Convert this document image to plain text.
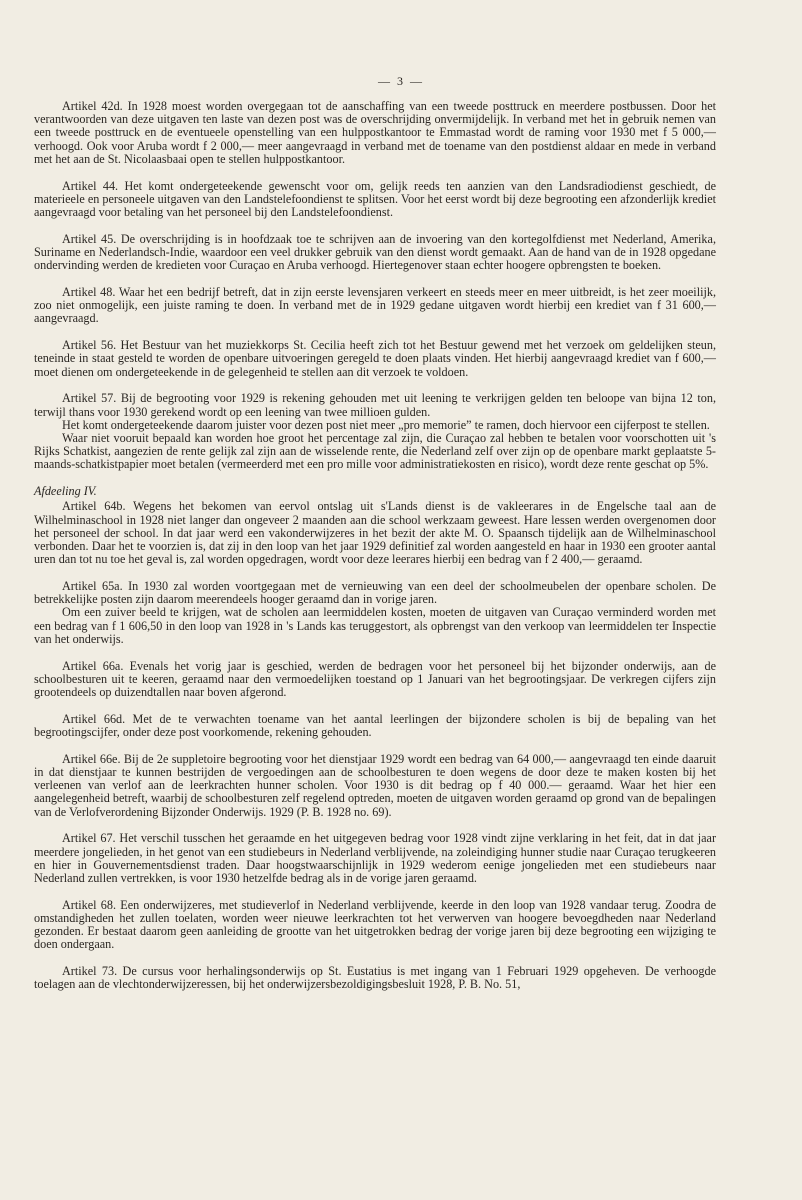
— 3 —

Artikel 42d. In 1928 moest worden overgegaan tot de aanschaffing van een tweede posttruck en meerdere postbussen. Door het verantwoorden van deze uitgaven ten laste van dezen post was de overschrijding onvermijdelijk. In verband met het in gebruik nemen van een tweede posttruck en de eventueele openstelling van een hulppostkantoor te Emmastad wordt de raming voor 1930 met f 5 000,— verhoogd. Ook voor Aruba wordt f 2 000,— meer aangevraagd in verband met de toename van den postdienst aldaar en mede in verband met het aan de St. Nicolaasbaai open te stellen hulppostkantoor.

Artikel 44. Het komt ondergeteekende gewenscht voor om, gelijk reeds ten aanzien van den Landsradiodienst geschiedt, de materieele en personeele uitgaven van den Landstelefoondienst te splitsen. Voor het eerst wordt bij deze begrooting een afzonderlijk krediet aangevraagd voor betaling van het personeel bij den Landstelefoondienst.

Artikel 45. De overschrijding is in hoofdzaak toe te schrijven aan de invoering van den kortegolfdienst met Nederland, Amerika, Suriname en Nederlandsch-Indie, waardoor een veel drukker gebruik van den dienst wordt gemaakt. Aan de hand van de in 1928 opgedane ondervinding werden de kredieten voor Curaçao en Aruba verhoogd. Hiertegenover staan echter hoogere opbrengsten te boeken.

Artikel 48. Waar het een bedrijf betreft, dat in zijn eerste levensjaren verkeert en steeds meer en meer uitbreidt, is het zeer moeilijk, zoo niet onmogelijk, een juiste raming te doen. In verband met de in 1929 gedane uitgaven wordt hierbij een krediet van f 31 600,— aangevraagd.

Artikel 56. Het Bestuur van het muziekkorps St. Cecilia heeft zich tot het Bestuur gewend met het verzoek om geldelijken steun, teneinde in staat gesteld te worden de openbare uitvoeringen geregeld te doen plaats vinden. Het hierbij aangevraagd krediet van f 600,— moet dienen om ondergeteekende in de gelegenheid te stellen aan dit verzoek te voldoen.

Artikel 57. Bij de begrooting voor 1929 is rekening gehouden met uit leening te verkrijgen gelden ten beloope van bijna 12 ton, terwijl thans voor 1930 gerekend wordt op een leening van twee millioen gulden.

Het komt ondergeteekende daarom juister voor dezen post niet meer „pro memorie” te ramen, doch hiervoor een cijferpost te stellen.

Waar niet vooruit bepaald kan worden hoe groot het percentage zal zijn, die Curaçao zal hebben te betalen voor voorschotten uit 's Rijks Schatkist, aangezien de rente gelijk zal zijn aan de wisselende rente, die Nederland zelf over zijn op de openbare markt geplaatste 5-maands-schatkistpapier moet betalen (vermeerderd met een pro mille voor administratiekosten en risico), wordt deze rente geschat op 5%.

Afdeeling IV.

Artikel 64b. Wegens het bekomen van eervol ontslag uit s'Lands dienst is de vakleerares in de Engelsche taal aan de Wilhelminaschool in 1928 niet langer dan ongeveer 2 maanden aan die school werkzaam geweest. Hare lessen werden overgenomen door het personeel der school. In dat jaar werd een vakonderwijzeres in het bezit der akte M. O. Spaansch tijdelijk aan de Wilhelminaschool verbonden. Daar het te voorzien is, dat zij in den loop van het jaar 1929 definitief zal worden aangesteld en haar in 1930 een grooter aantal uren dan tot nu toe het geval is, zal worden opgedragen, wordt voor deze leerares hierbij een bedrag van f 2 400,— geraamd.

Artikel 65a. In 1930 zal worden voortgegaan met de vernieuwing van een deel der schoolmeubelen der openbare scholen. De betrekkelijke posten zijn daarom meerendeels hooger geraamd dan in vorige jaren.

Om een zuiver beeld te krijgen, wat de scholen aan leermiddelen kosten, moeten de uitgaven van Curaçao verminderd worden met een bedrag van f 1 606,50 in den loop van 1928 in 's Lands kas teruggestort, als opbrengst van den verkoop van leermiddelen ter Inspectie van het onderwijs.

Artikel 66a. Evenals het vorig jaar is geschied, werden de bedragen voor het personeel bij het bijzonder onderwijs, aan de schoolbesturen uit te keeren, geraamd naar den vermoedelijken toestand op 1 Januari van het begrootingsjaar. De verkregen cijfers zijn grootendeels op duizendtallen naar boven afgerond.

Artikel 66d. Met de te verwachten toename van het aantal leerlingen der bijzondere scholen is bij de bepaling van het begrootingscijfer, onder deze post voorkomende, rekening gehouden.

Artikel 66e. Bij de 2e suppletoire begrooting voor het dienstjaar 1929 wordt een bedrag van 64 000,— aangevraagd ten einde daaruit in dat dienstjaar te kunnen bestrijden de vergoedingen aan de schoolbesturen te doen wegens de door deze te maken kosten bij het verleenen van verlof aan de leerkrachten hunner scholen. Voor 1930 is dit bedrag op f 40 000.— geraamd. Waar het hier een aangelegenheid betreft, waarbij de schoolbesturen zelf regelend optreden, moeten de uitgaven worden geraamd op grond van de bepalingen van de Verlofverordening Bijzonder Onderwijs. 1929 (P. B. 1928 no. 69).

Artikel 67. Het verschil tusschen het geraamde en het uitgegeven bedrag voor 1928 vindt zijne verklaring in het feit, dat in dat jaar meerdere jongelieden, in het genot van een studiebeurs in Nederland verblijvende, na zoleindiging hunner studie naar Curaçao terugkeeren en hier in Gouvernementsdienst traden. Daar hoogstwaarschijnlijk in 1929 wederom eenige jongelieden met een studiebeurs naar Nederland zullen vertrekken, is voor 1930 hetzelfde bedrag als in de vorige jaren geraamd.

Artikel 68. Een onderwijzeres, met studieverlof in Nederland verblijvende, keerde in den loop van 1928 vandaar terug. Zoodra de omstandigheden het zullen toelaten, worden weer nieuwe leerkrachten tot het verwerven van hoogere bevoegdheden naar Nederland gezonden. Er bestaat daarom geen aanleiding de grootte van het uitgetrokken bedrag der vorige jaren bij deze begrooting een wijziging te doen ondergaan.

Artikel 73. De cursus voor herhalingsonderwijs op St. Eustatius is met ingang van 1 Februari 1929 opgeheven. De verhoogde toelagen aan de vlechtonderwijzeressen, bij het onderwijzersbezoldigingsbesluit 1928, P. B. No. 51,
